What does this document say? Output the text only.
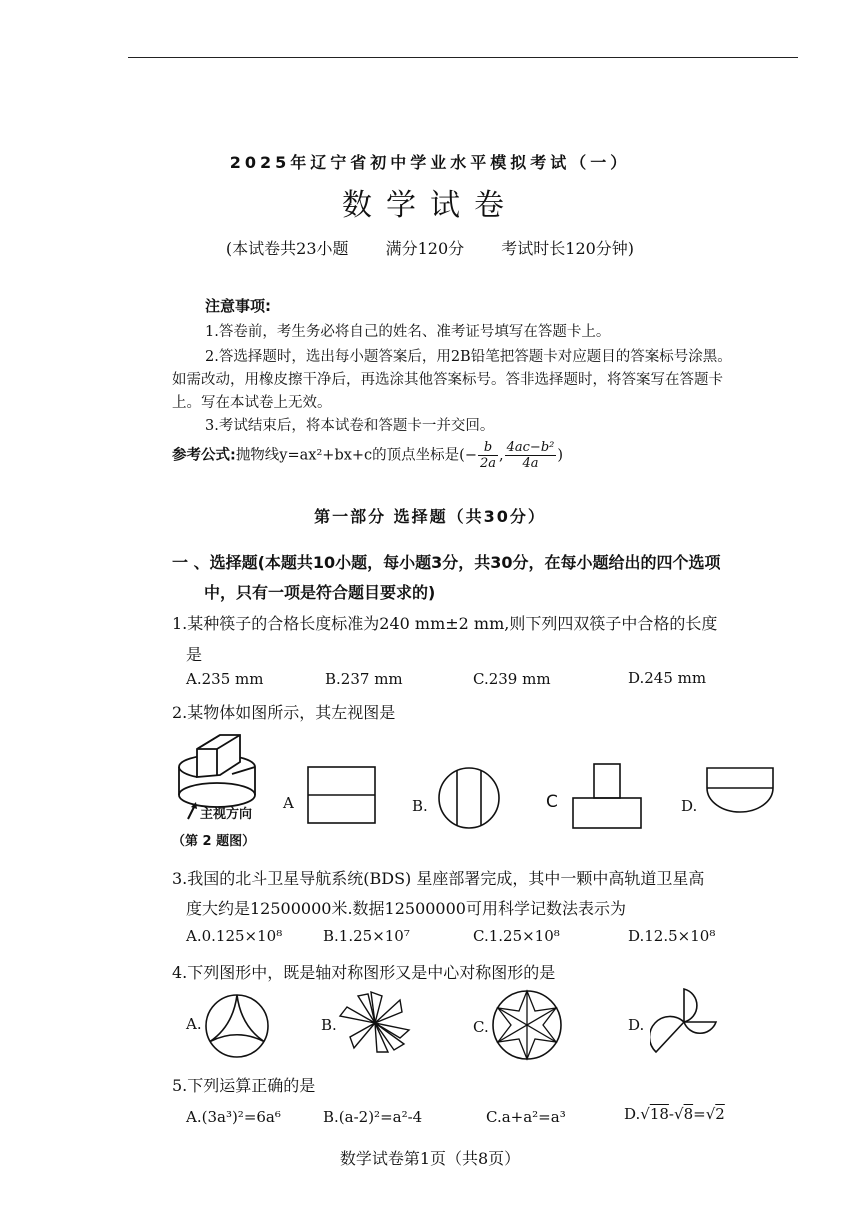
2025年辽宁省初中学业水平模拟考试（一）
数学试卷
(本试卷共23小题 满分120分 考试时长120分钟)
注意事项:
1.答卷前，考生务必将自己的姓名、准考证号填写在答题卡上。
2.答选择题时，选出每小题答案后，用2B铅笔把答题卡对应题目的答案标号涂黑。
如需改动，用橡皮擦干净后，再选涂其他答案标号。答非选择题时，将答案写在答题卡
上。写在本试卷上无效。
3.考试结束后，将本试卷和答题卡一并交回。
参考公式:抛物线y=ax²+bx+c的顶点坐标是(− $\frac{b}{2a}$ , $\frac{\text{4ac−b²}}{4a}$ )
第一部分 选择题（共30分）
一 、选择题(本题共10小题，每小题3分，共30分，在每小题给出的四个选项
中，只有一项是符合题目要求的)
1.某种筷子的合格长度标准为240 mm±2 mm,则下列四双筷子中合格的长度
是
A.235 mm	B.237 mm	C.239 mm	D.245 mm
2.某物体如图所示，其左视图是
主视方向
（第 2 题图）
A	B.	C	D.
3.我国的北斗卫星导航系统(BDS) 星座部署完成，其中一颗中高轨道卫星高
度大约是12500000米.数据12500000可用科学记数法表示为
A.0.125×10⁸	B.1.25×10⁷	C.1.25×10⁸	D.12.5×10⁸
4.下列图形中，既是轴对称图形又是中心对称图形的是
A.	B.	C.	D.
5.下列运算正确的是
A.(3a³)²=6a⁶	B.(a-2)²=a²-4	C.a+a²=a³	D.√18-√8=√2
数学试卷第1页（共8页）
